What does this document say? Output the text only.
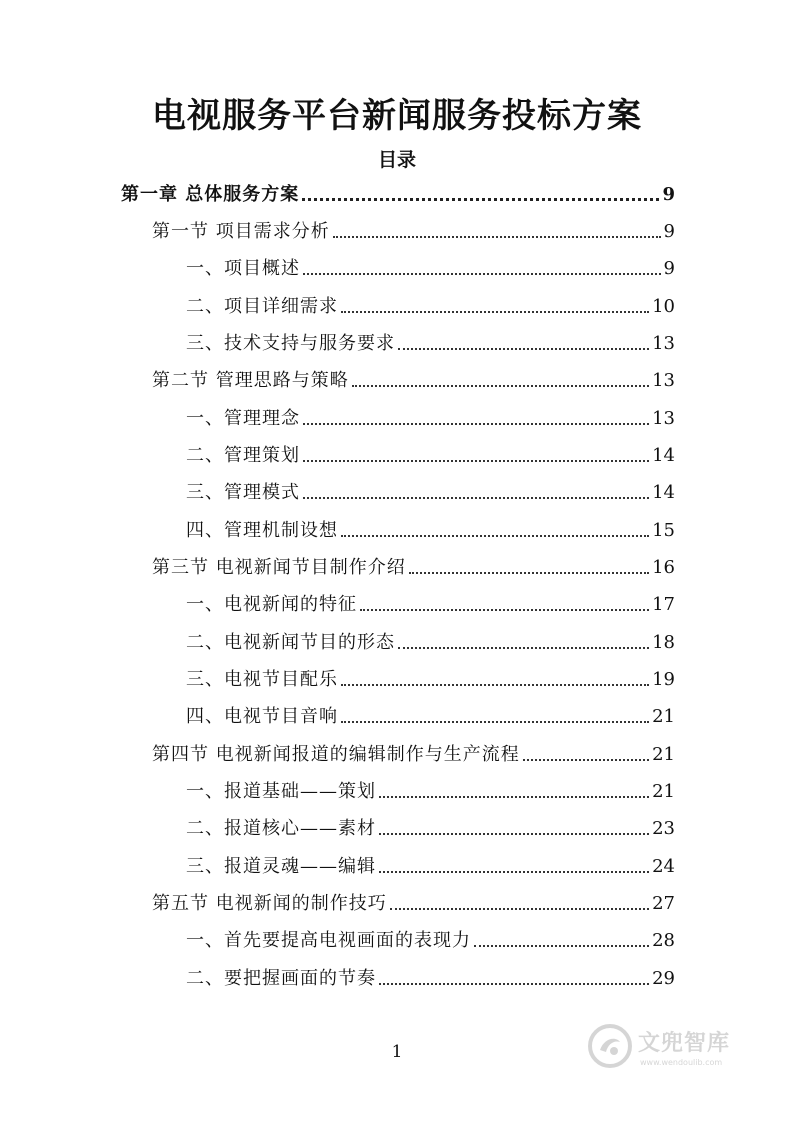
电视服务平台新闻服务投标方案
目录
第一章 总体服务方案	9
第一节 项目需求分析	9
一、项目概述	9
二、项目详细需求	10
三、技术支持与服务要求	13
第二节 管理思路与策略	13
一、管理理念	13
二、管理策划	14
三、管理模式	14
四、管理机制设想	15
第三节 电视新闻节目制作介绍	16
一、电视新闻的特征	17
二、电视新闻节目的形态	18
三、电视节目配乐	19
四、电视节目音响	21
第四节 电视新闻报道的编辑制作与生产流程	21
一、报道基础——策划	21
二、报道核心——素材	23
三、报道灵魂——编辑	24
第五节 电视新闻的制作技巧	27
一、首先要提高电视画面的表现力	28
二、要把握画面的节奏	29
1	文兜智库
www.wendoulib.com
